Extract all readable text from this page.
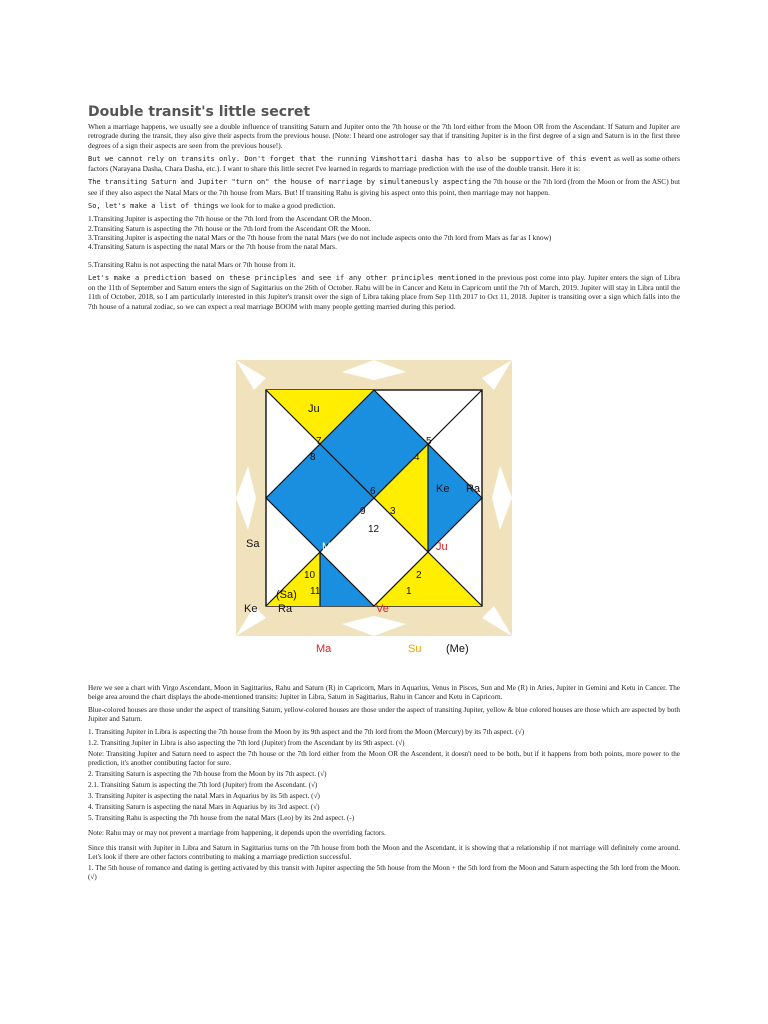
Double transit's little secret

When a marriage happens, we usually see a double influence of transiting Saturn and Jupiter onto the 7th house or the 7th lord either from the Moon OR from the Ascendant. If Saturn and Jupiter are retrograde during the transit, they also give their aspects from the previous house. (Note: I heard one astrologer say that if transiting Jupiter is in the first degree of a sign and Saturn is in the first three degrees of a sign their aspects are seen from the previous house!).

But we cannot rely on transits only. Don't forget that the running Vimshottari dasha has to also be supportive of this event as well as some others factors (Narayana Dasha, Chara Dasha, etc.). I want to share this little secret I've learned in regards to marriage prediction with the use of the double transit. Here it is:

The transiting Saturn and Jupiter "turn on" the house of marriage by simultaneously aspecting the 7th house or the 7th lord (from the Moon or from the ASC) but see if they also aspect the Natal Mars or the 7th house from Mars. But! If transiting Rahu is giving his aspect onto this point, then marriage may not happen.

So, let's make a list of things we look for to make a good prediction.

1.Transiting Jupiter is aspecting the 7th house or the 7th lord from the Ascendant OR the Moon.

2.Transiting Saturn is aspecting the 7th house or the 7th lord from the Ascendant OR the Moon.

3.Transiting Jupiter is aspecting the natal Mars or the 7th house from the natal Mars (we do not include aspects onto the 7th lord from Mars as far as I know)

4.Transiting Saturn is aspecting the natal Mars or the 7th house from the natal Mars.

5.Transiting Rahu is not aspecting the natal Mars or 7th house from it.

Let's make a prediction based on these principles and see if any other principles mentioned in the previous post come into play. Jupiter enters the sign of Libra on the 11th of September and Saturn enters the sign of Sagittarius on the 26th of October. Rahu will be in Cancer and Ketu in Capricorn until the 7th of March, 2019. Jupiter will stay in Libra until the 11th of October, 2018, so I am particularly interested in this Jupiter's transit over the sign of Libra taking place from Sep 11th 2017 to Oct 11, 2018. Jupiter is transiting over a sign which falls into the 7th house of a natural zodiac, so we can expect a real marriage BOOM with many people getting married during this period.

Ju
Ke Ra
Sa	Mo	Ju
(Sa)
Ra
Ke	Ve
Ma	Su (Me)
7
8
5
4
6
9 3
12
10
11
2
1

Here we see a chart with Virgo Ascendant, Moon in Sagittarius, Rahu and Saturn (R) in Capricorn, Mars in Aquarius, Venus in Pisces, Sun and Me (R) in Aries, Jupiter in Gemini and Ketu in Cancer. The beige area around the chart displays the abode-mentioned transits: Jupiter in Libra, Saturn in Sagittarius, Rahu in Cancer and Ketu in Capricorn.

Blue-colored houses are those under the aspect of transiting Saturn, yellow-colored houses are those under the aspect of transiting Jupiter, yellow & blue colored houses are those which are aspected by both Jupiter and Saturn.

1. Transiting Jupiter in Libra is aspecting the 7th house from the Moon by its 9th aspect and the 7th lord from the Moon (Mercury) by its 7th aspect. (√)

1.2. Transiting Jupiter in Libra is also aspecting the 7th lord (Jupiter) from the Ascendant by its 9th aspect. (√)

Note: Transiting Jupiter and Saturn need to aspect the 7th house or the 7th lord either from the Moon OR the Ascendent, it doesn't need to be both, but if it happens from both points, more power to the prediction, it's another contibuting factor for sure.

2. Transiting Saturn is aspecting the 7th house from the Moon by its 7th aspect. (√)

2.1. Transiting Saturn is aspecting the 7th lord (Jupiter) from the Ascendant. (√)

3. Transiting Jupiter is aspecting the natal Mars in Aquarius by its 5th aspect. (√)

4. Transiting Saturn is aspecting the natal Mars in Aquarius by its 3rd aspect. (√)

5. Transiting Rahu is aspecting the 7th house from the natal Mars (Leo) by its 2nd aspect. (-)

Note: Rahu may or may not prevent a marriage from happening, it depends upon the overriding factors.

Since this transit with Jupiter in Libra and Saturn in Sagittarius turns on the 7th house from both the Moon and the Ascendant, it is showing that a relationship if not marriage will definitely come around. Let's look if there are other factors contributing to making a marriage prediction successful.

1. The 5th house of romance and dating is getting activated by this transit with Jupiter aspecting the 5th house from the Moon + the 5th lord from the Moon and Saturn aspecting the 5th lord from the Moon. (√)
